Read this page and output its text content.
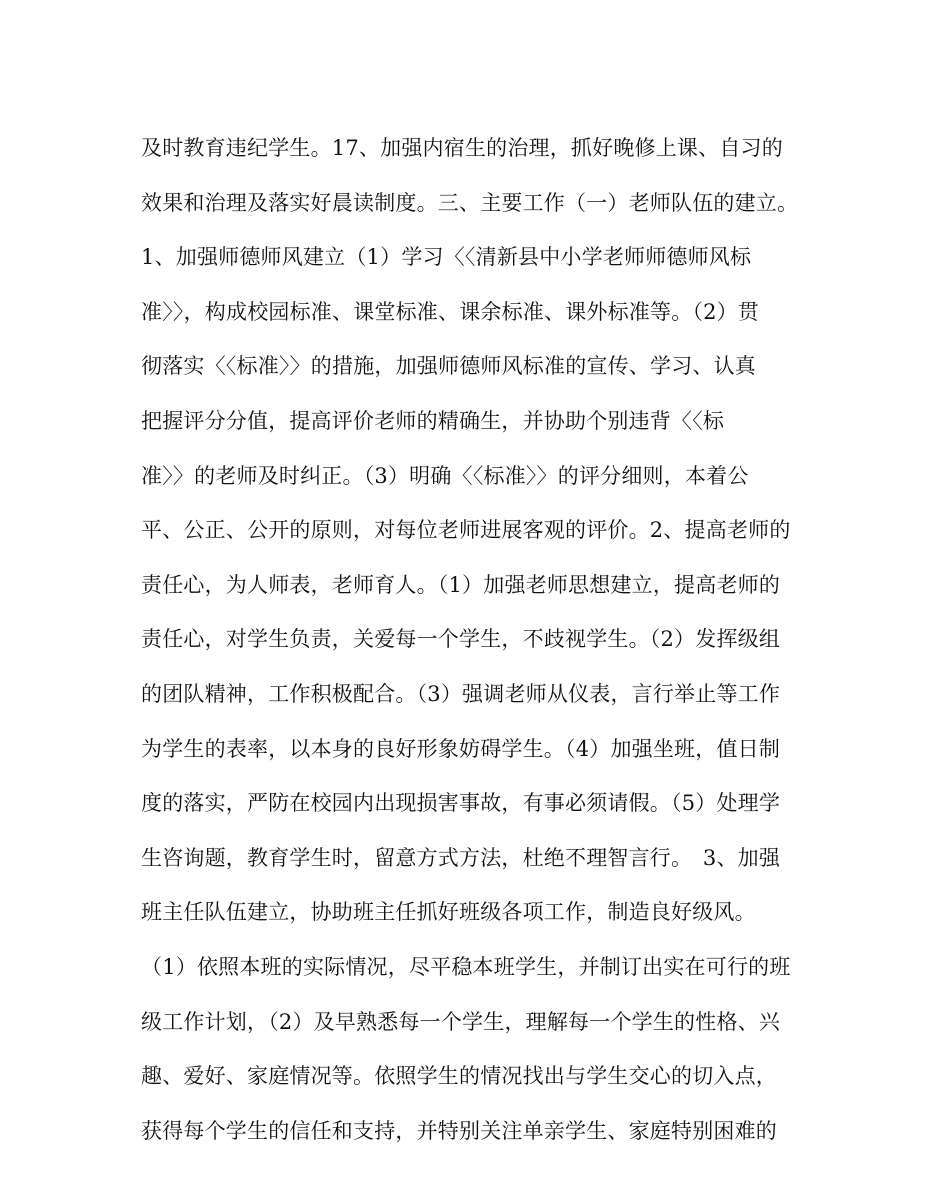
及时教育违纪学生。17、加强内宿生的治理，抓好晚修上课、自习的
效果和治理及落实好晨读制度。三、主要工作（一）老师队伍的建立。
1、加强师德师风建立（1）学习〈〈清新县中小学老师师德师风标
准〉〉，构成校园标准、课堂标准、课余标准、课外标准等。（2）贯
彻落实〈〈标准〉〉的措施，加强师德师风标准的宣传、学习、认真
把握评分分值，提高评价老师的精确生，并协助个别违背〈〈标
准〉〉的老师及时纠正。（3）明确〈〈标准〉〉的评分细则，本着公
平、公正、公开的原则，对每位老师进展客观的评价。2、提高老师的
责任心，为人师表，老师育人。（1）加强老师思想建立，提高老师的
责任心，对学生负责，关爱每一个学生，不歧视学生。（2）发挥级组
的团队精神，工作积极配合。（3）强调老师从仪表，言行举止等工作
为学生的表率，以本身的良好形象妨碍学生。（4）加强坐班，值日制
度的落实，严防在校园内出现损害事故，有事必须请假。（5）处理学
生咨询题，教育学生时，留意方式方法，杜绝不理智言行。　3、加强
班主任队伍建立，协助班主任抓好班级各项工作，制造良好级风。
（1）依照本班的实际情况，尽平稳本班学生，并制订出实在可行的班
级工作计划，（2）及早熟悉每一个学生，理解每一个学生的性格、兴
趣、爱好、家庭情况等。依照学生的情况找出与学生交心的切入点，
获得每个学生的信任和支持，并特别关注单亲学生、家庭特别困难的
